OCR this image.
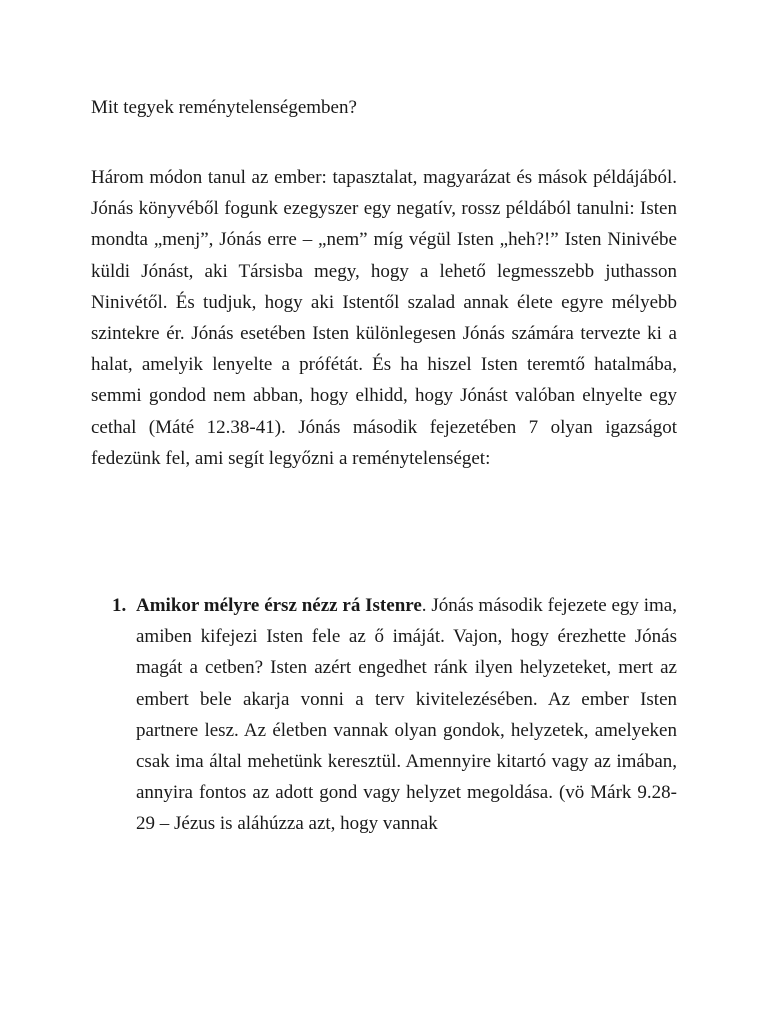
Mit tegyek reménytelenségemben?

Három módon tanul az ember: tapasztalat, magyarázat és mások példájából. Jónás könyvéből fogunk ezegyszer egy negatív, rossz példából tanulni: Isten mondta „menj”, Jónás erre – „nem” míg végül Isten „heh?!” Isten Ninivébe küldi Jónást, aki Társisba megy, hogy a lehető legmesszebb juthasson Ninivétől. És tudjuk, hogy aki Istentől szalad annak élete egyre mélyebb szintekre ér. Jónás esetében Isten különlegesen Jónás számára tervezte ki a halat, amelyik lenyelte a prófétát. És ha hiszel Isten teremtő hatalmába, semmi gondod nem abban, hogy elhidd, hogy Jónást valóban elnyelte egy cethal (Máté 12.38-41). Jónás második fejezetében 7 olyan igazságot fedezünk fel, ami segít legyőzni a reménytelenséget:

1. Amikor mélyre érsz nézz rá Istenre. Jónás második fejezete egy ima, amiben kifejezi Isten fele az ő imáját. Vajon, hogy érezhette Jónás magát a cetben? Isten azért engedhet ránk ilyen helyzeteket, mert az embert bele akarja vonni a terv kivitelezésében. Az ember Isten partnere lesz. Az életben vannak olyan gondok, helyzetek, amelyeken csak ima által mehetünk keresztül. Amennyire kitartó vagy az imában, annyira fontos az adott gond vagy helyzet megoldása. (vö Márk 9.28-29 – Jézus is aláhúzza azt, hogy vannak
